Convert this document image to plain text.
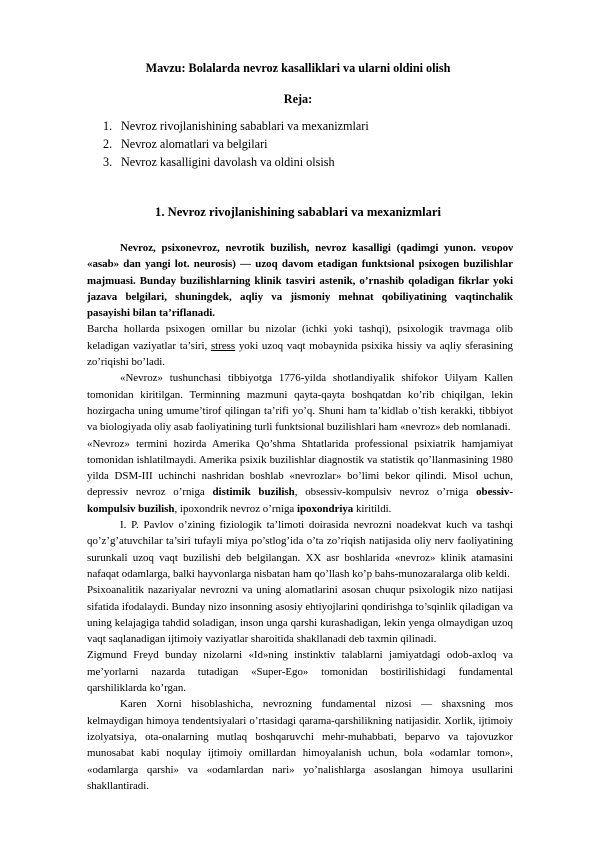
Mavzu: Bolalarda nevroz kasalliklari va ularni oldini olish
Reja:
1. Nevroz rivojlanishining sabablari va mexanizmlari
2. Nevroz alomatlari va belgilari
3. Nevroz kasalligini davolash va oldini olsish
1. Nevroz rivojlanishining sabablari va mexanizmlari

Nevroz, psixonevroz, nevrotik buzilish, nevroz kasalligi (qadimgi yunon. νευρον «asab» dan yangi lot. neurosis) — uzoq davom etadigan funktsional psixogen buzilishlar majmuasi. Bunday buzilishlarning klinik tasviri astenik, o’rnashib qoladigan fikrlar yoki jazava belgilari, shuningdek, aqliy va jismoniy mehnat qobiliyatining vaqtinchalik pasayishi bilan ta’riflanadi.

Barcha hollarda psixogen omillar bu nizolar (ichki yoki tashqi), psixologik travmaga olib keladigan vaziyatlar ta’siri, stress yoki uzoq vaqt mobaynida psixika hissiy va aqliy sferasining zo’riqishi bo’ladi.

«Nevroz» tushunchasi tibbiyotga 1776-yilda shotlandiyalik shifokor Uilyam Kallen tomonidan kiritilgan. Terminning mazmuni qayta-qayta boshqatdan ko’rib chiqilgan, lekin hozirgacha uning umume’tirof qilingan ta’rifi yo’q. Shuni ham ta’kidlab o’tish kerakki, tibbiyot va biologiyada oliy asab faoliyatining turli funktsional buzilishlari ham «nevroz» deb nomlanadi.

«Nevroz» termini hozirda Amerika Qo’shma Shtatlarida professional psixiatrik hamjamiyat tomonidan ishlatilmaydi. Amerika psixik buzilishlar diagnostik va statistik qo’llanmasining 1980 yilda DSM-III uchinchi nashridan boshlab «nevrozlar» bo’limi bekor qilindi. Misol uchun, depressiv nevroz o’rniga distimik buzilish, obsessiv-kompulsiv nevroz o’rniga obessiv-kompulsiv buzilish, ipoxondrik nevroz o’rniga ipoxondriya kiritildi.

I. P. Pavlov o’zining fiziologik ta’limoti doirasida nevrozni noadekvat kuch va tashqi qo’z’g’atuvchilar ta’siri tufayli miya po’stlog’ida o’ta zo’riqish natijasida oliy nerv faoliyatining surunkali uzoq vaqt buzilishi deb belgilangan. XX asr boshlarida «nevroz» klinik atamasini nafaqat odamlarga, balki hayvonlarga nisbatan ham qo’llash ko’p bahs-munozaralarga olib keldi.

Psixoanalitik nazariyalar nevrozni va uning alomatlarini asosan chuqur psixologik nizo natijasi sifatida ifodalaydi. Bunday nizo insonning asosiy ehtiyojlarini qondirishga to’sqinlik qiladigan va uning kelajagiga tahdid soladigan, inson unga qarshi kurashadigan, lekin yenga olmaydigan uzoq vaqt saqlanadigan ijtimoiy vaziyatlar sharoitida shakllanadi deb taxmin qilinadi.

Zigmund Freyd bunday nizolarni «Id»ning instinktiv talablarni jamiyatdagi odob-axloq va me’yorlarni nazarda tutadigan «Super-Ego» tomonidan bostirilishidagi fundamental qarshiliklarda ko’rgan.

Karen Xorni hisoblashicha, nevrozning fundamental nizosi — shaxsning mos kelmaydigan himoya tendentsiyalari o’rtasidagi qarama-qarshilikning natijasidir. Xorlik, ijtimoiy izolyatsiya, ota-onalarning mutlaq boshqaruvchi mehr-muhabbati, beparvo va tajovuzkor munosabat kabi noqulay ijtimoiy omillardan himoyalanish uchun, bola «odamlar tomon», «odamlarga qarshi» va «odamlardan nari» yo’nalishlarga asoslangan himoya usullarini shakllantiradi.
